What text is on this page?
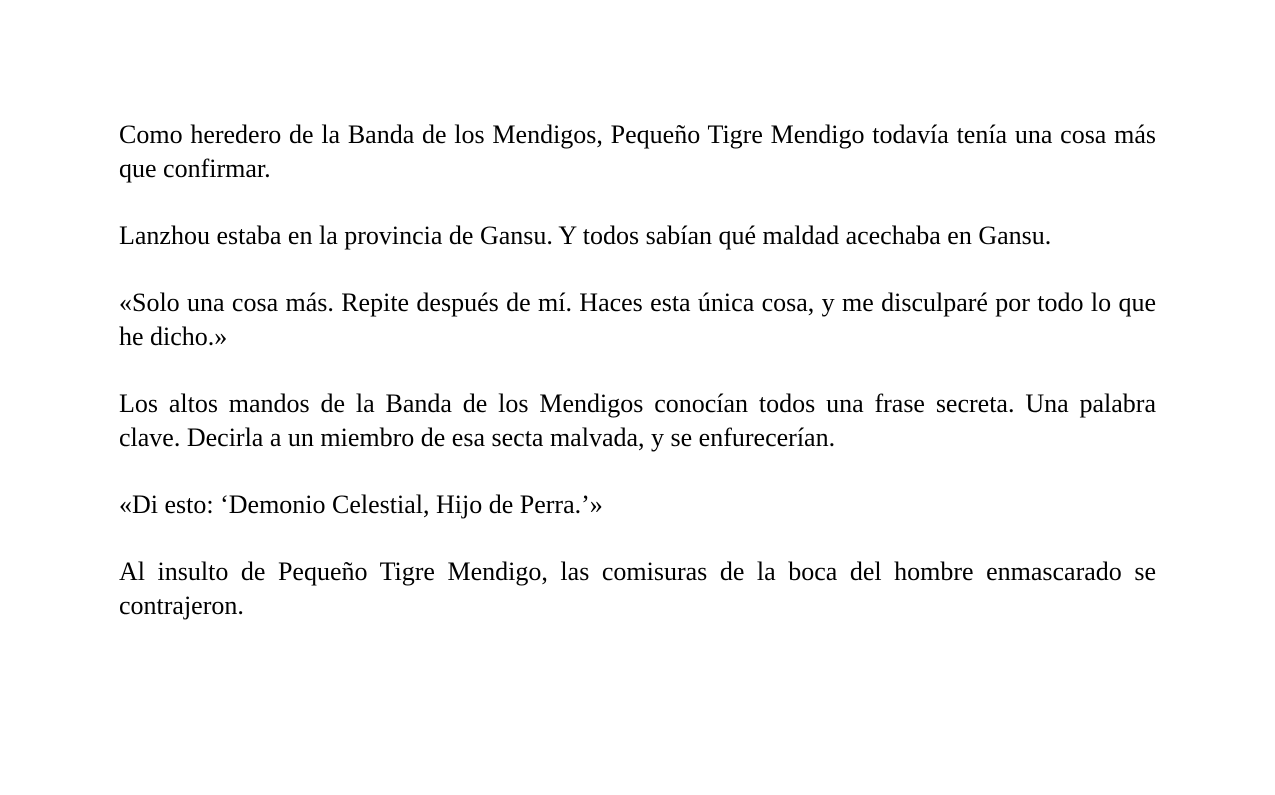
Como heredero de la Banda de los Mendigos, Pequeño Tigre Mendigo todavía tenía una cosa más que confirmar.

Lanzhou estaba en la provincia de Gansu. Y todos sabían qué maldad acechaba en Gansu.

«Solo una cosa más. Repite después de mí. Haces esta única cosa, y me disculparé por todo lo que he dicho.»

Los altos mandos de la Banda de los Mendigos conocían todos una frase secreta. Una palabra clave. Decirla a un miembro de esa secta malvada, y se enfurecerían.

«Di esto: ‘Demonio Celestial, Hijo de Perra.’»

Al insulto de Pequeño Tigre Mendigo, las comisuras de la boca del hombre enmascarado se contrajeron.
